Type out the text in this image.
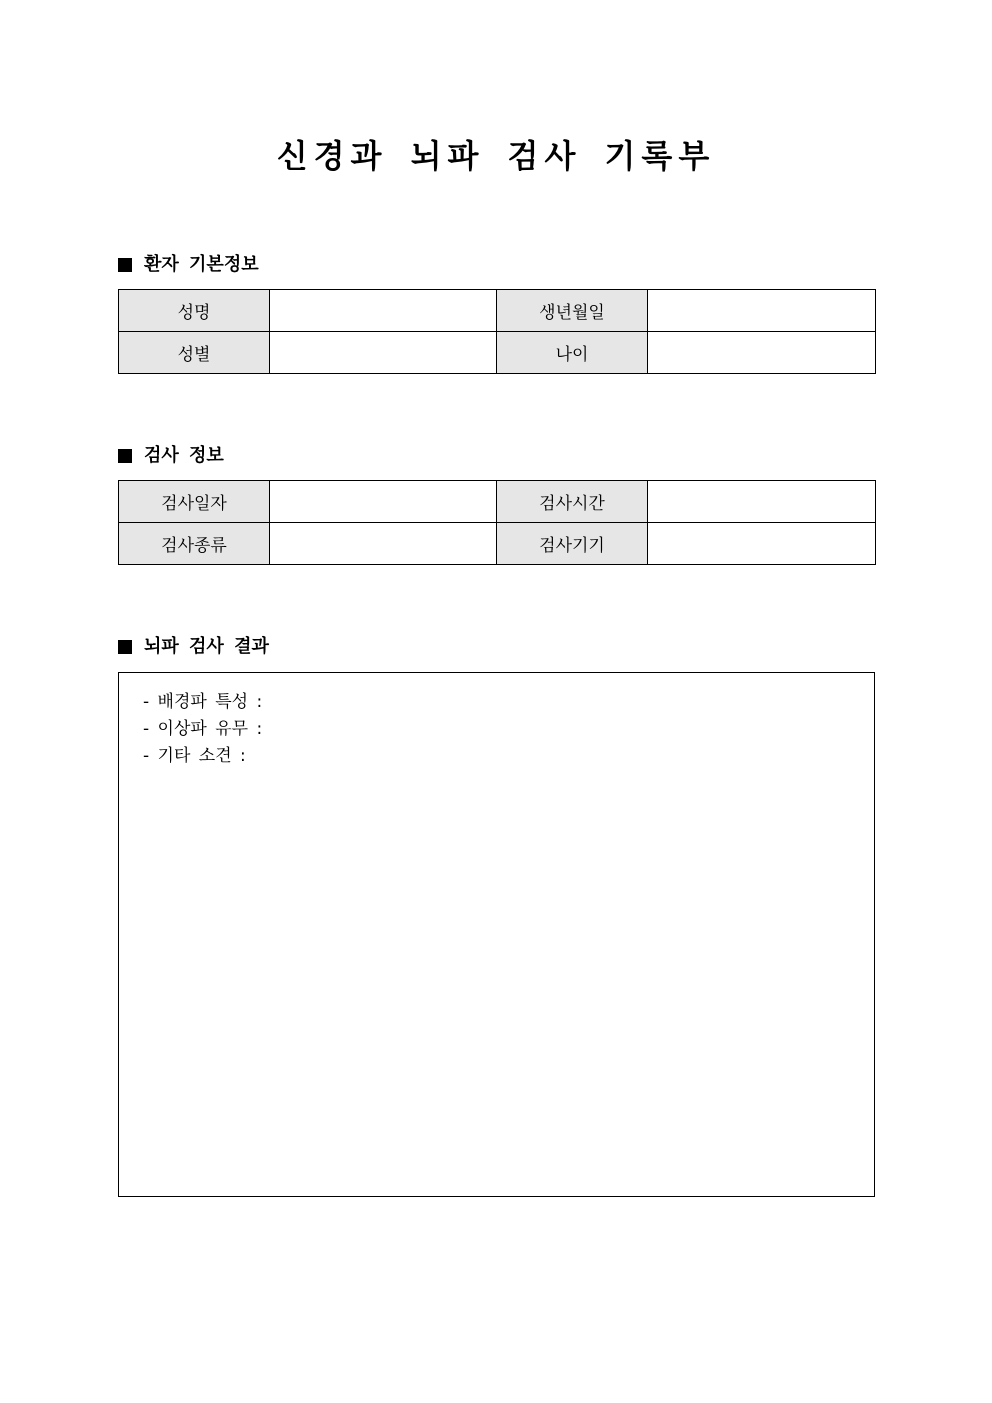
신경과 뇌파 검사 기록부
환자 기본정보
성명		생년월일	
성별		나이	
검사 정보
검사일자		검사시간	
검사종류		검사기기	
뇌파 검사 결과
- 배경파 특성 :
- 이상파 유무 :
- 기타 소견 :
